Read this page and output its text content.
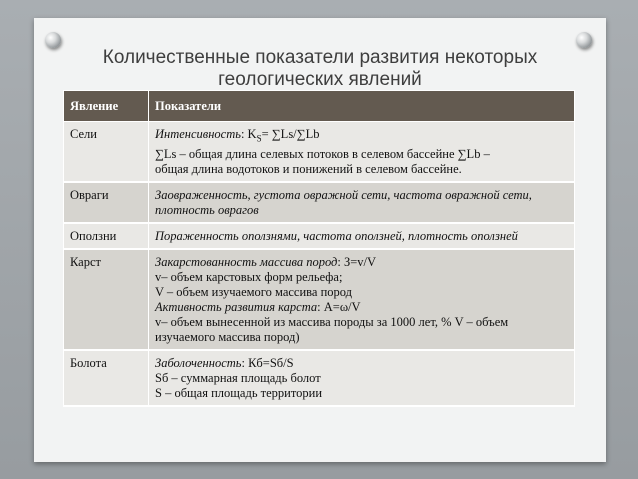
Количественные показатели развития некоторых
геологических явлений
Явление	Показатели
Сели	Интенсивность: $K_S= \sum Ls/\sum Lb$
∑Ls – общая длина селевых потоков в селевом бассейне ∑Lb –
общая длина водотоков и понижений в селевом бассейне.

Овраги	Заовраженность, густота овражной сети, частота овражной сети, плотность оврагов
Оползни	Пораженность оползнями, частота оползней, плотность оползней
Карст	Закарстованность массива пород: З=v/V
v– объем карстовых форм рельефа;
V – объем изучаемого массива пород
Активность развития карста: А=ω/V
v– объем вынесенной из массива породы за 1000 лет, % V – объем изучаемого массива пород)

Болота	Заболоченность: Кб=Sб/S
Sб – суммарная площадь болот
S – общая площадь территории
